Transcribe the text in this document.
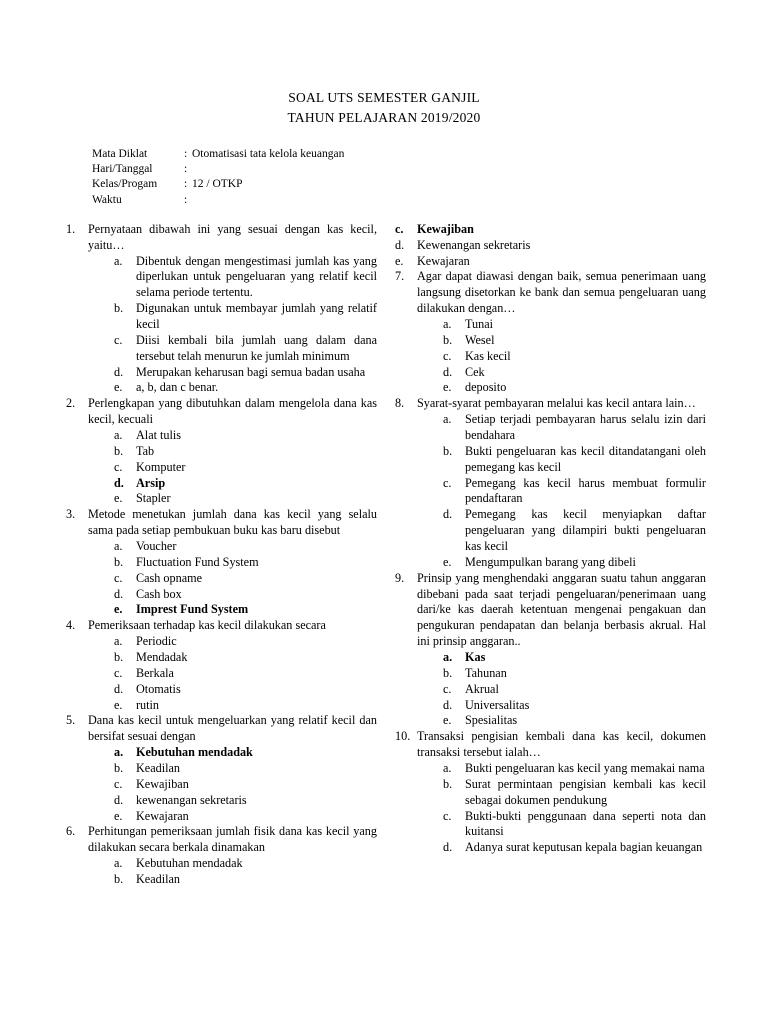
SOAL UTS SEMESTER GANJIL
TAHUN PELAJARAN 2019/2020
Mata Diklat	: Otomatisasi tata kelola keuangan
Hari/Tanggal	:
Kelas/Progam	: 12 / OTKP
Waktu	:
1.	Pernyataan dibawah ini yang sesuai dengan kas kecil, yaitu…
a.	Dibentuk dengan mengestimasi jumlah kas yang diperlukan untuk pengeluaran yang relatif kecil selama periode tertentu.
b.	Digunakan untuk membayar jumlah yang relatif kecil
c.	Diisi kembali bila jumlah uang dalam dana tersebut telah menurun ke jumlah minimum
d.	Merupakan keharusan bagi semua badan usaha
e.	a, b, dan c benar.
2.	Perlengkapan yang dibutuhkan dalam mengelola dana kas kecil, kecuali
a.	Alat tulis
b.	Tab
c.	Komputer
d. Arsip
e.	Stapler
3.	Metode menetukan jumlah dana kas kecil yang selalu sama pada setiap pembukuan buku kas baru disebut
a.	Voucher
b.	Fluctuation Fund System
c.	Cash opname
d.	Cash box
e.	Imprest Fund System
4.	Pemeriksaan terhadap kas kecil dilakukan secara
a.	Periodic
b.	Mendadak
c.	Berkala
d.	Otomatis
e.	rutin
5.	Dana kas kecil untuk mengeluarkan yang relatif kecil dan bersifat sesuai dengan
a.	Kebutuhan mendadak
b.	Keadilan
c.	Kewajiban
d.	kewenangan sekretaris
e.	Kewajaran
6.	Perhitungan pemeriksaan jumlah fisik dana kas kecil yang dilakukan secara berkala dinamakan
a.	Kebutuhan mendadak
b.	Keadilan
c.	Kewajiban
d.	Kewenangan sekretaris
e.	Kewajaran
7.	Agar dapat diawasi dengan baik, semua penerimaan uang langsung disetorkan ke bank dan semua pengeluaran uang dilakukan dengan…
a.	Tunai
b.	Wesel
c.	Kas kecil
d.	Cek
e.	deposito
8.	Syarat-syarat pembayaran melalui kas kecil antara lain…
a.	Setiap terjadi pembayaran harus selalu izin dari bendahara
b.	Bukti pengeluaran kas kecil ditandatangani oleh pemegang kas kecil
c.	Pemegang kas kecil harus membuat formulir pendaftaran
d.	Pemegang kas kecil menyiapkan daftar pengeluaran yang dilampiri bukti pengeluaran kas kecil
e.	Mengumpulkan barang yang dibeli
9.	Prinsip yang menghendaki anggaran suatu tahun anggaran dibebani pada saat terjadi pengeluaran/penerimaan uang dari/ke kas daerah ketentuan mengenai pengakuan dan pengukuran pendapatan dan belanja berbasis akrual. Hal ini prinsip anggaran..
a.	Kas
b.	Tahunan
c.	Akrual
d.	Universalitas
e.	Spesialitas
10. Transaksi pengisian kembali dana kas kecil, dokumen transaksi tersebut ialah…
a.	Bukti pengeluaran kas kecil yang memakai nama
b.	Surat permintaan pengisian kembali kas kecil sebagai dokumen pendukung
c.	Bukti-bukti penggunaan dana seperti nota dan kuitansi
d.	Adanya surat keputusan kepala bagian keuangan
